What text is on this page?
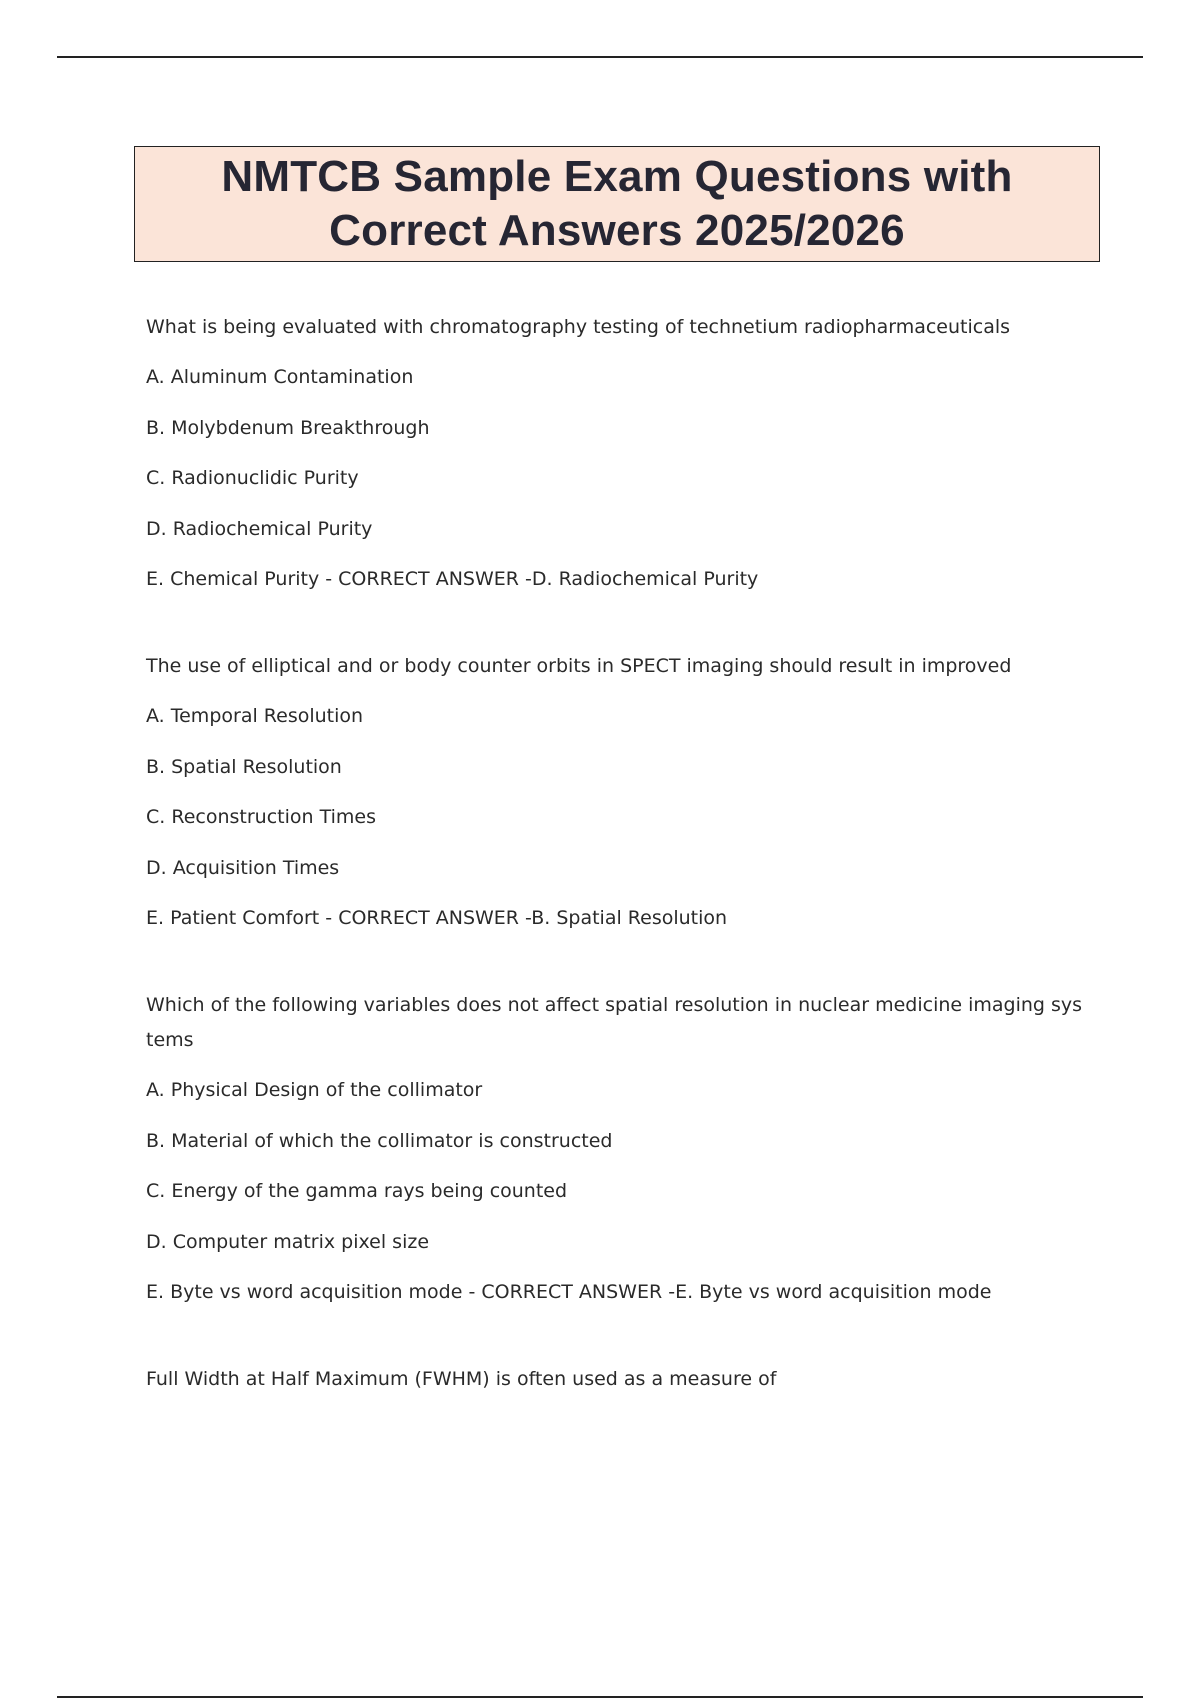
NMTCB Sample Exam Questions with
Correct Answers 2025/2026
What is being evaluated with chromatography testing of technetium radiopharmaceuticals
A. Aluminum Contamination
B. Molybdenum Breakthrough
C. Radionuclidic Purity
D. Radiochemical Purity
E. Chemical Purity - CORRECT ANSWER -D. Radiochemical Purity
The use of elliptical and or body counter orbits in SPECT imaging should result in improved
A. Temporal Resolution
B. Spatial Resolution
C. Reconstruction Times
D. Acquisition Times
E. Patient Comfort - CORRECT ANSWER -B. Spatial Resolution
Which of the following variables does not affect spatial resolution in nuclear medicine imaging systems
A. Physical Design of the collimator
B. Material of which the collimator is constructed
C. Energy of the gamma rays being counted
D. Computer matrix pixel size
E. Byte vs word acquisition mode - CORRECT ANSWER -E. Byte vs word acquisition mode
Full Width at Half Maximum (FWHM) is often used as a measure of
